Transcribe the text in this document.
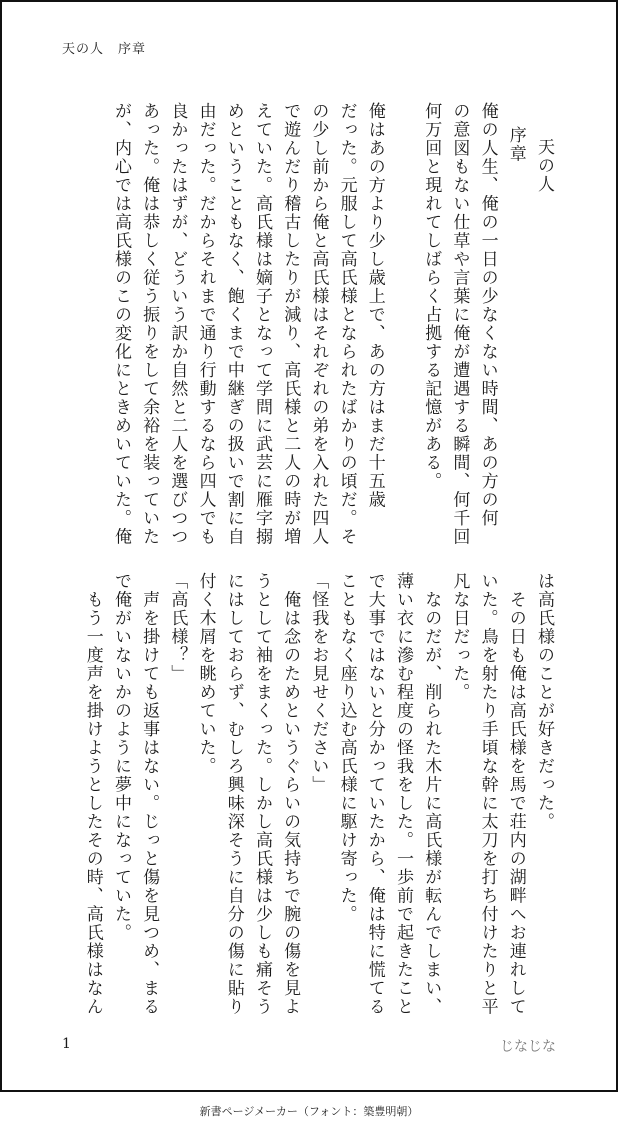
天の人　序章
天の人
序章
俺の人生、俺の一日の少なくない時間、あの方の何
の意図もない仕草や言葉に俺が遭遇する瞬間、何千回
何万回と現れてしばらく占拠する記憶がある。
俺はあの方より少し歳上で、あの方はまだ十五歳
だった。元服して高氏様となられたばかりの頃だ。そ
の少し前から俺と高氏様はそれぞれの弟を入れた四人
で遊んだり稽古したりが減り、高氏様と二人の時が増
えていた。高氏様は嫡子となって学問に武芸に雁字搦
めということもなく、飽くまで中継ぎの扱いで割に自
由だった。だからそれまで通り行動するなら四人でも
良かったはずが、どういう訳か自然と二人を選びつつ
あった。俺は恭しく従う振りをして余裕を装っていた
が、内心では高氏様のこの変化にときめいていた。俺
は高氏様のことが好きだった。
　その日も俺は高氏様を馬で荘内の湖畔へお連れして
いた。鳥を射たり手頃な幹に太刀を打ち付けたりと平
凡な日だった。
　なのだが、削られた木片に高氏様が転んでしまい、
薄い衣に滲む程度の怪我をした。一歩前で起きたこと
で大事ではないと分かっていたから、俺は特に慌てる
こともなく座り込む高氏様に駆け寄った。
「怪我をお見せください」
　俺は念のためというぐらいの気持ちで腕の傷を見よ
うとして袖をまくった。しかし高氏様は少しも痛そう
にはしておらず、むしろ興味深そうに自分の傷に貼り
付く木屑を眺めていた。
「高氏様？」
　声を掛けても返事はない。じっと傷を見つめ、まる
で俺がいないかのように夢中になっていた。
　もう一度声を掛けようとしたその時、高氏様はなん
1	じなじな
新書ページメーカー（フォント：築豊明朝）
